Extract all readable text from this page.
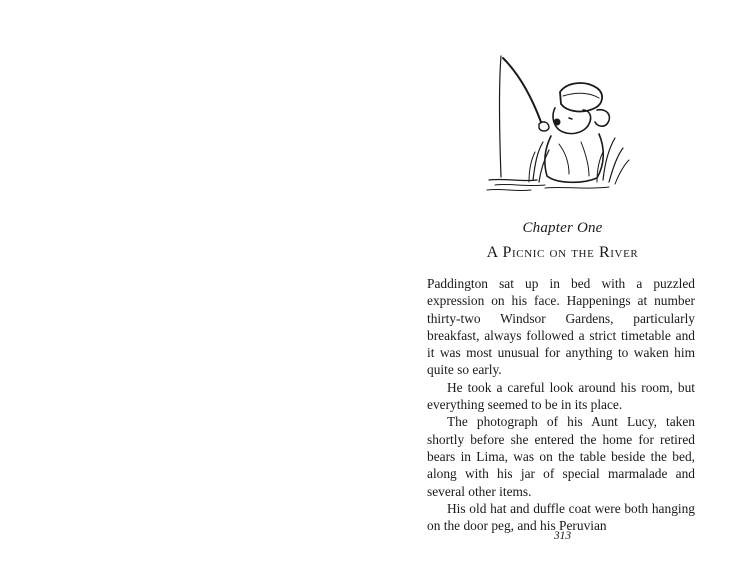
Chapter One
A Picnic on the River

Paddington sat up in bed with a puzzled expression on his face. Happenings at number thirty-two Windsor Gardens, particularly breakfast, always followed a strict timetable and it was most unusual for anything to waken him quite so early.

He took a careful look around his room, but everything seemed to be in its place.

The photograph of his Aunt Lucy, taken shortly before she entered the home for retired bears in Lima, was on the table beside the bed, along with his jar of special marmalade and several other items.

His old hat and duffle coat were both hanging on the door peg, and his Peruvian

313
